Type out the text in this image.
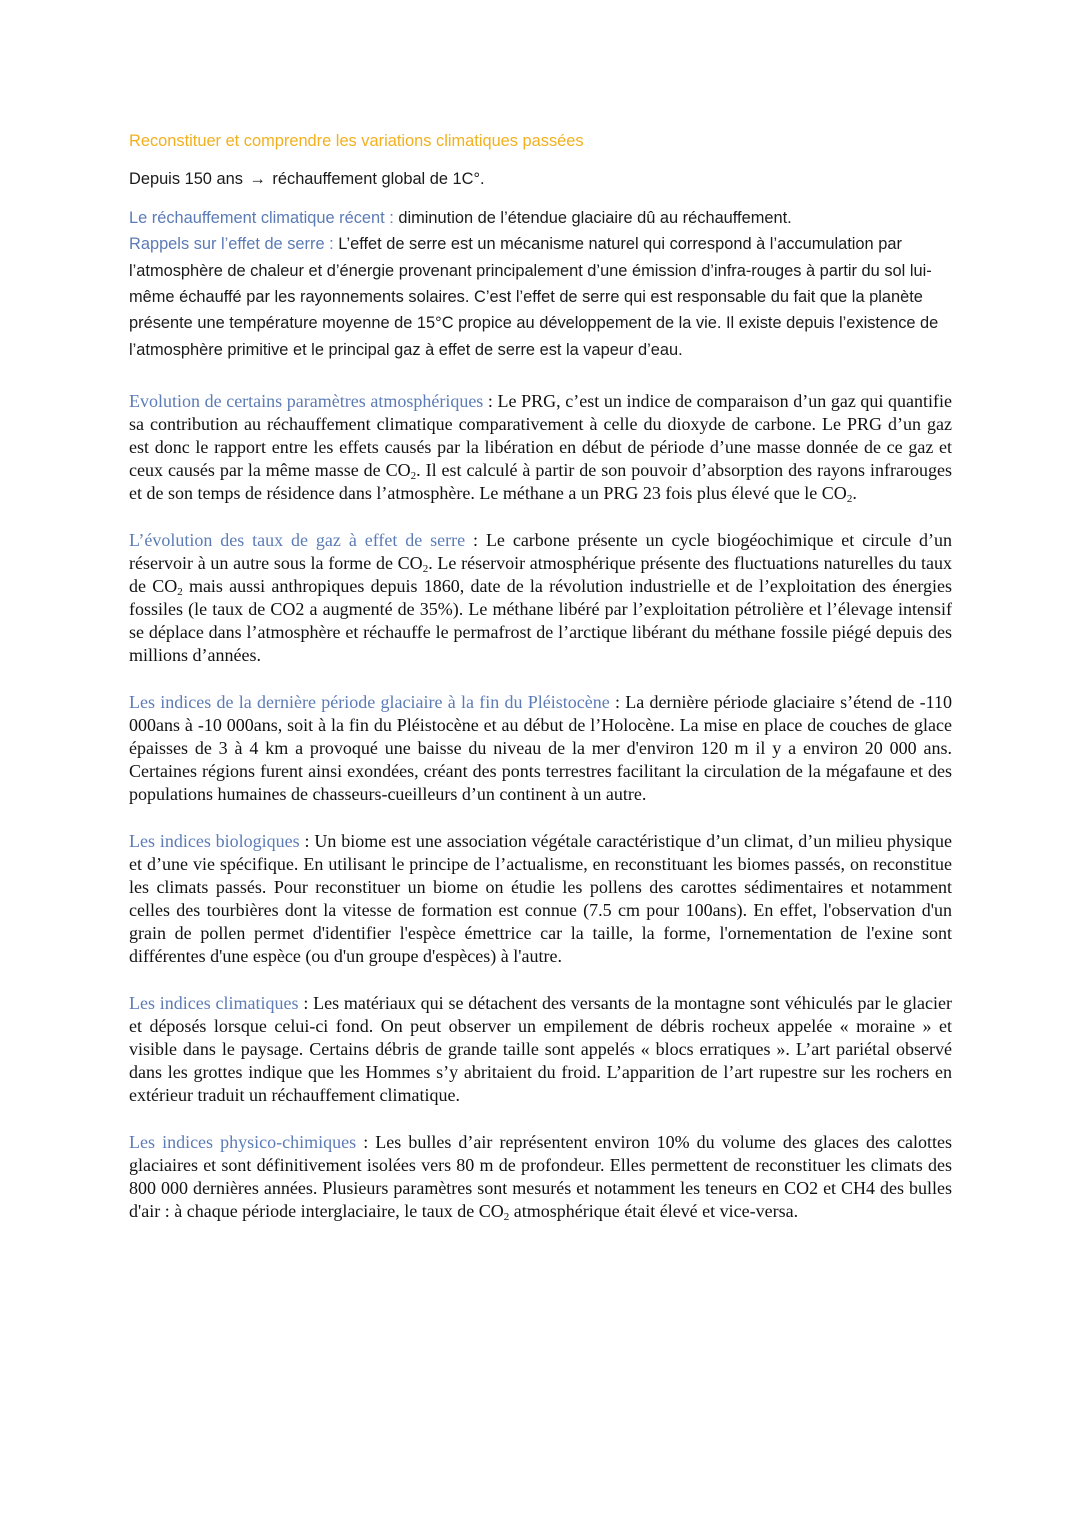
Reconstituer et comprendre les variations climatiques passées

Depuis 150 ans → réchauffement global de 1C°.

Le réchauffement climatique récent : diminution de l’étendue glaciaire dû au réchauffement.

Rappels sur l’effet de serre : L’effet de serre est un mécanisme naturel qui correspond à l’accumulation par l’atmosphère de chaleur et d’énergie provenant principalement d’une émission d’infra-rouges à partir du sol lui-même échauffé par les rayonnements solaires. C’est l’effet de serre qui est responsable du fait que la planète présente une température moyenne de 15°C propice au développement de la vie. Il existe depuis l’existence de l’atmosphère primitive et le principal gaz à effet de serre est la vapeur d’eau.

Evolution de certains paramètres atmosphériques : Le PRG, c’est un indice de comparaison d’un gaz qui quantifie sa contribution au réchauffement climatique comparativement à celle du dioxyde de carbone. Le PRG d’un gaz est donc le rapport entre les effets causés par la libération en début de période d’une masse donnée de ce gaz et ceux causés par la même masse de $CO_2$. Il est calculé à partir de son pouvoir d’absorption des rayons infrarouges et de son temps de résidence dans l’atmosphère. Le méthane a un PRG 23 fois plus élevé que le $CO_2$.

L’évolution des taux de gaz à effet de serre : Le carbone présente un cycle biogéochimique et circule d’un réservoir à un autre sous la forme de $CO_2$. Le réservoir atmosphérique présente des fluctuations naturelles du taux de $CO_2$ mais aussi anthropiques depuis 1860, date de la révolution industrielle et de l’exploitation des énergies fossiles (le taux de CO2 a augmenté de 35%). Le méthane libéré par l’exploitation pétrolière et l’élevage intensif se déplace dans l’atmosphère et réchauffe le permafrost de l’arctique libérant du méthane fossile piégé depuis des millions d’années.

Les indices de la dernière période glaciaire à la fin du Pléistocène : La dernière période glaciaire s’étend de -110 000ans à -10 000ans, soit à la fin du Pléistocène et au début de l’Holocène. La mise en place de couches de glace épaisses de 3 à 4 km a provoqué une baisse du niveau de la mer d'environ 120 m il y a environ 20 000 ans. Certaines régions furent ainsi exondées, créant des ponts terrestres facilitant la circulation de la mégafaune et des populations humaines de chasseurs-cueilleurs d’un continent à un autre.

Les indices biologiques : Un biome est une association végétale caractéristique d’un climat, d’un milieu physique et d’une vie spécifique. En utilisant le principe de l’actualisme, en reconstituant les biomes passés, on reconstitue les climats passés. Pour reconstituer un biome on étudie les pollens des carottes sédimentaires et notamment celles des tourbières dont la vitesse de formation est connue (7.5 cm pour 100ans). En effet, l'observation d'un grain de pollen permet d'identifier l'espèce émettrice car la taille, la forme, l'ornementation de l'exine sont différentes d'une espèce (ou d'un groupe d'espèces) à l'autre.

Les indices climatiques : Les matériaux qui se détachent des versants de la montagne sont véhiculés par le glacier et déposés lorsque celui-ci fond. On peut observer un empilement de débris rocheux appelée « moraine » et visible dans le paysage. Certains débris de grande taille sont appelés « blocs erratiques ». L’art pariétal observé dans les grottes indique que les Hommes s’y abritaient du froid. L’apparition de l’art rupestre sur les rochers en extérieur traduit un réchauffement climatique.

Les indices physico-chimiques : Les bulles d’air représentent environ 10% du volume des glaces des calottes glaciaires et sont définitivement isolées vers 80 m de profondeur. Elles permettent de reconstituer les climats des 800 000 dernières années. Plusieurs paramètres sont mesurés et notamment les teneurs en CO2 et CH4 des bulles d'air : à chaque période interglaciaire, le taux de $CO_2$ atmosphérique était élevé et vice-versa.
